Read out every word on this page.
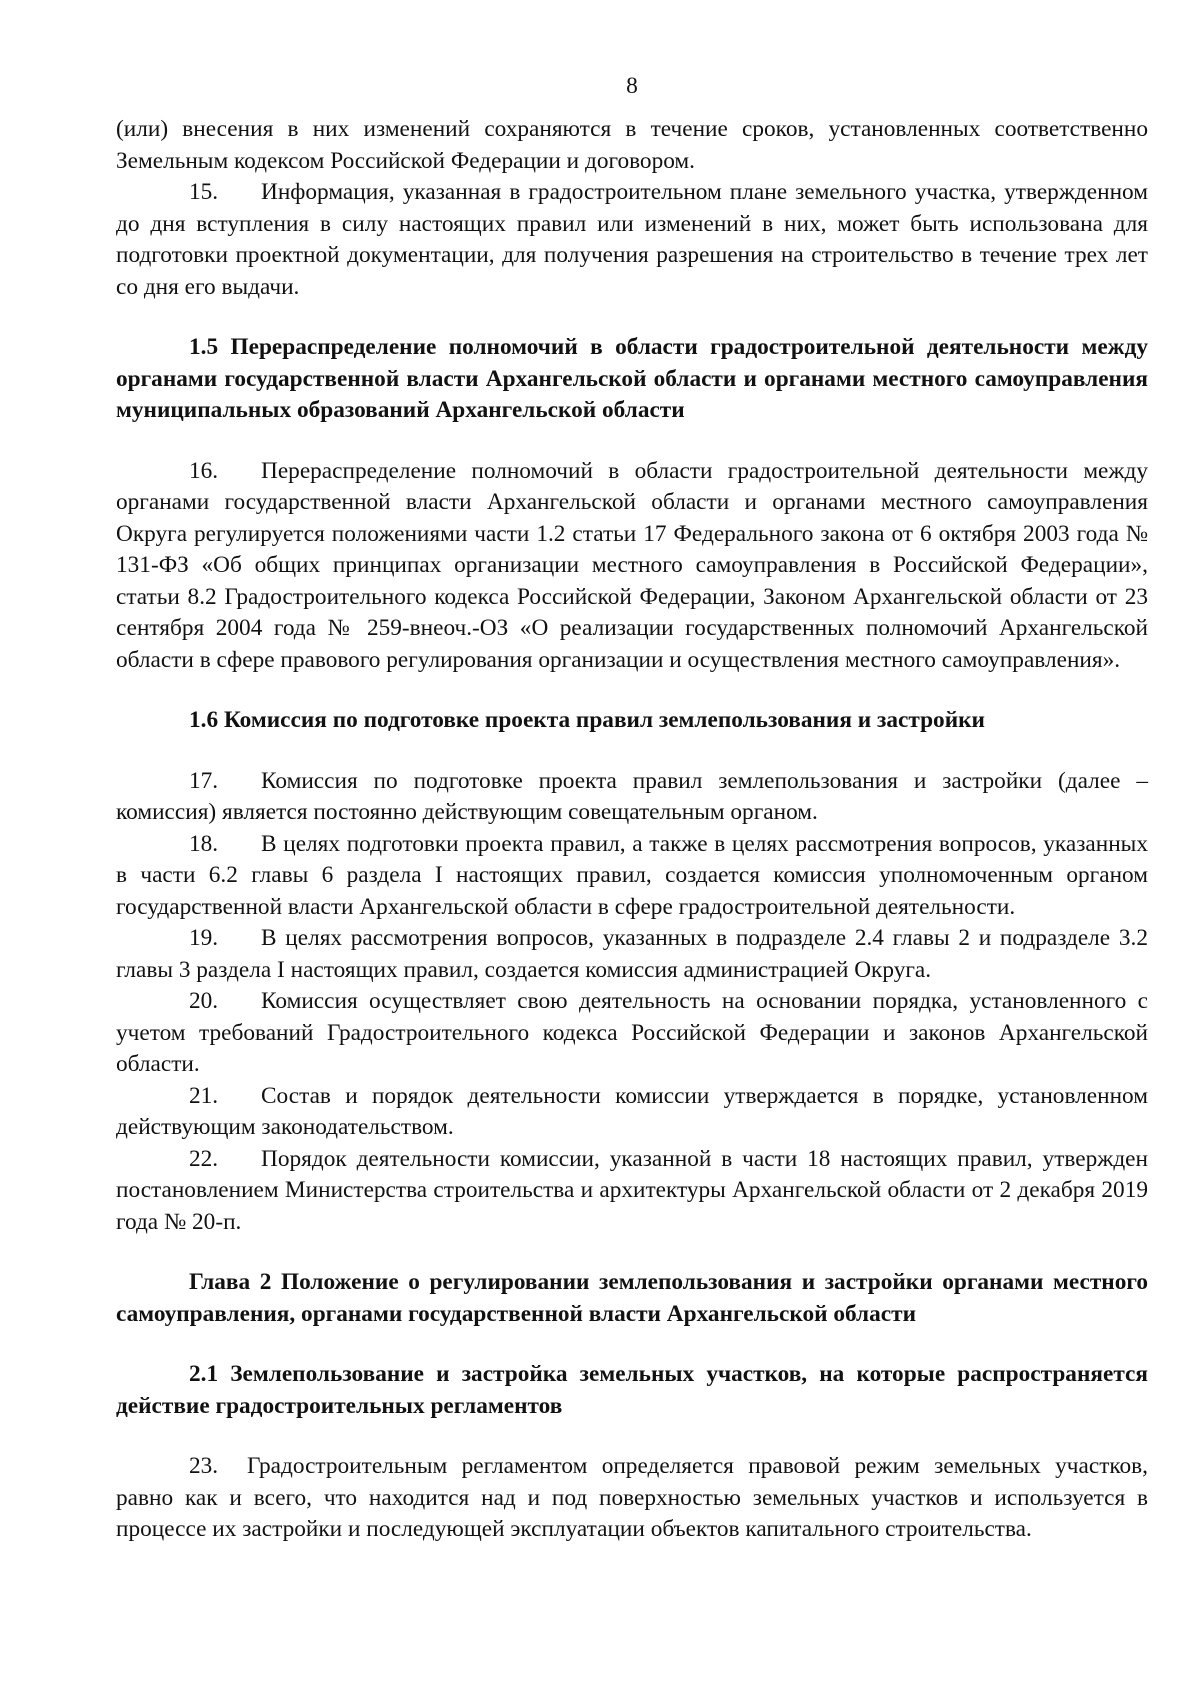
8

(или) внесения в них изменений сохраняются в течение сроков, установленных соответственно Земельным кодексом Российской Федерации и договором.

15. Информация, указанная в градостроительном плане земельного участка, утвержденном до дня вступления в силу настоящих правил или изменений в них, может быть использована для подготовки проектной документации, для получения разрешения на строительство в течение трех лет со дня его выдачи.

1.5 Перераспределение полномочий в области градостроительной деятельности между органами государственной власти Архангельской области и органами местного самоуправления муниципальных образований Архангельской области

16. Перераспределение полномочий в области градостроительной деятельности между органами государственной власти Архангельской области и органами местного самоуправления Округа регулируется положениями части 1.2 статьи 17 Федерального закона от 6 октября 2003 года № 131-ФЗ «Об общих принципах организации местного самоуправления в Российской Федерации», статьи 8.2 Градостроительного кодекса Российской Федерации, Законом Архангельской области от 23 сентября 2004 года № 259-внеоч.-ОЗ «О реализации государственных полномочий Архангельской области в сфере правового регулирования организации и осуществления местного самоуправления».

1.6 Комиссия по подготовке проекта правил землепользования и застройки

17. Комиссия по подготовке проекта правил землепользования и застройки (далее – комиссия) является постоянно действующим совещательным органом.

18. В целях подготовки проекта правил, а также в целях рассмотрения вопросов, указанных в части 6.2 главы 6 раздела I настоящих правил, создается комиссия уполномоченным органом государственной власти Архангельской области в сфере градостроительной деятельности.

19. В целях рассмотрения вопросов, указанных в подразделе 2.4 главы 2 и подразделе 3.2 главы 3 раздела I настоящих правил, создается комиссия администрацией Округа.

20. Комиссия осуществляет свою деятельность на основании порядка, установленного с учетом требований Градостроительного кодекса Российской Федерации и законов Архангельской области.

21. Состав и порядок деятельности комиссии утверждается в порядке, установленном действующим законодательством.

22. Порядок деятельности комиссии, указанной в части 18 настоящих правил, утвержден постановлением Министерства строительства и архитектуры Архангельской области от 2 декабря 2019 года № 20-п.

Глава 2 Положение о регулировании землепользования и застройки органами местного самоуправления, органами государственной власти Архангельской области

2.1 Землепользование и застройка земельных участков, на которые распространяется действие градостроительных регламентов

23. Градостроительным регламентом определяется правовой режим земельных участков, равно как и всего, что находится над и под поверхностью земельных участков и используется в процессе их застройки и последующей эксплуатации объектов капитального строительства.
